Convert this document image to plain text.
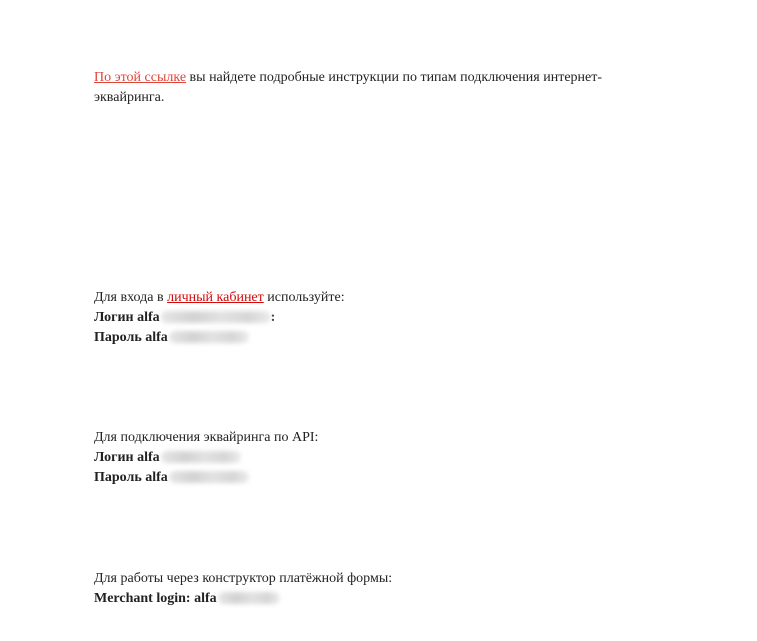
По этой ссылке вы найдете подробные инструкции по типам подключения интернет-эквайринга.
Для входа в личный кабинет используйте:
Логин alfa	:
Пароль alfa
Для подключения эквайринга по API:
Логин alfa
Пароль alfa
Для работы через конструктор платёжной формы:
Merchant login: alfa
